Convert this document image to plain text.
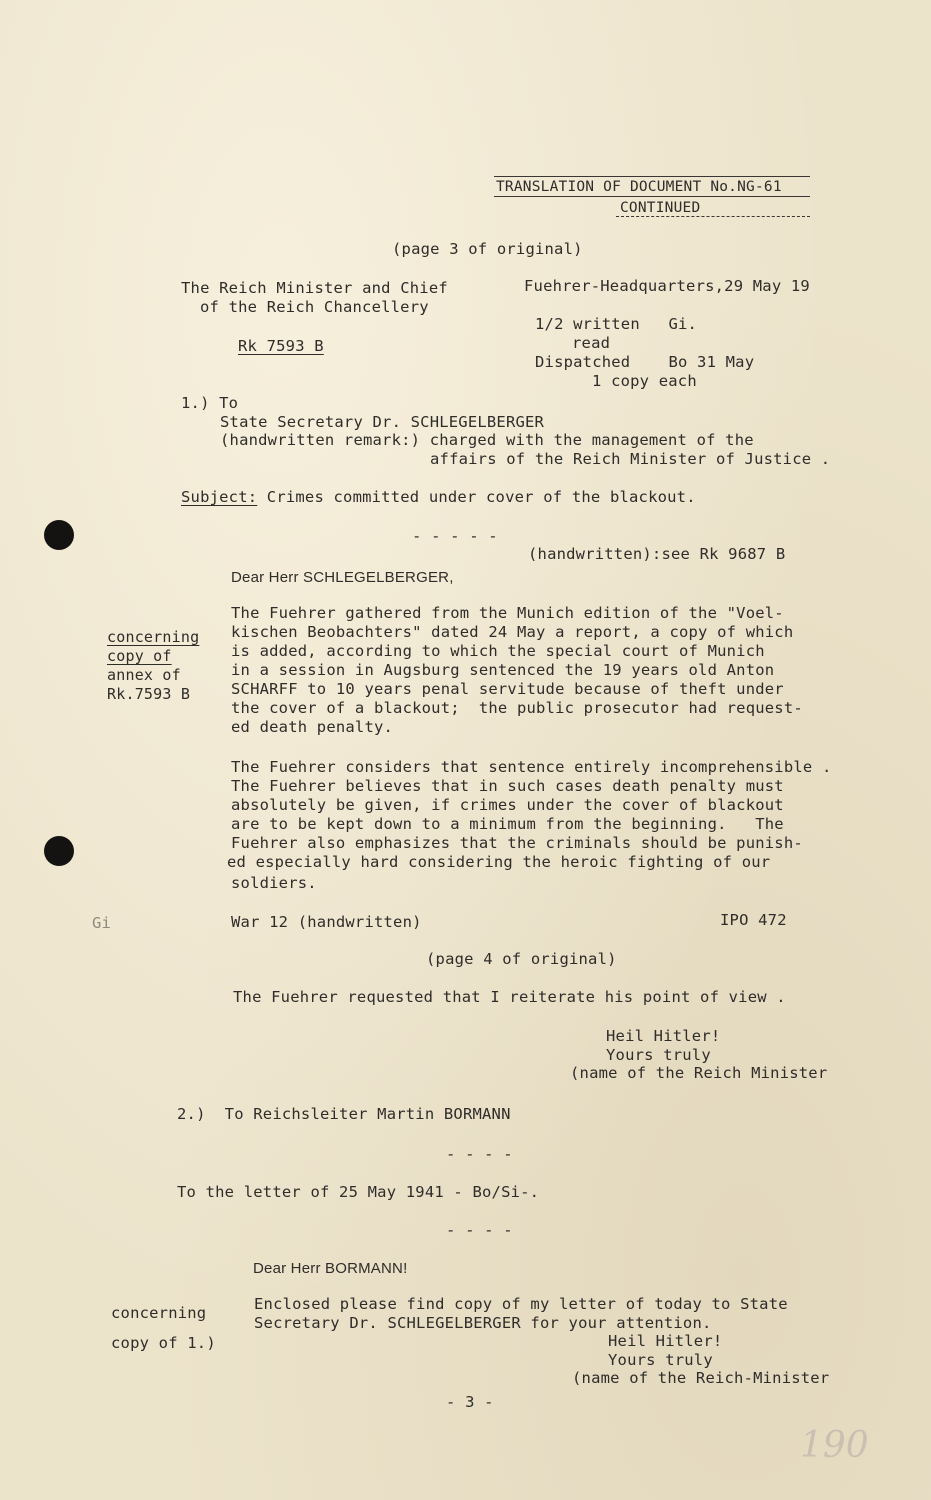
TRANSLATION OF DOCUMENT No.NG-61
CONTINUED
(page 3 of original)
The Reich Minister and Chief
of the Reich Chancellery
Rk 7593 B
Fuehrer-Headquarters,29 May 19
1/2 written   Gi.
read
Dispatched    Bo 31 May
1 copy each
1.) To
State Secretary Dr. SCHLEGELBERGER
(handwritten remark:) charged with the management of the
affairs of the Reich Minister of Justice .
Subject: Crimes committed under cover of the blackout.
- - - - -
(handwritten):see Rk 9687 B
Dear Herr SCHLEGELBERGER,
concerning
copy of
annex of
Rk.7593 B
The Fuehrer gathered from the Munich edition of the "Voel-
kischen Beobachters" dated 24 May a report, a copy of which
is added, according to which the special court of Munich
in a session in Augsburg sentenced the 19 years old Anton
SCHARFF to 10 years penal servitude because of theft under
the cover of a blackout;  the public prosecutor had request-
ed death penalty.
The Fuehrer considers that sentence entirely incomprehensible .
The Fuehrer believes that in such cases death penalty must
absolutely be given, if crimes under the cover of blackout
are to be kept down to a minimum from the beginning.   The
Fuehrer also emphasizes that the criminals should be punish-
ed especially hard considering the heroic fighting of our
soldiers.
Gi	War 12 (handwritten)	IPO 472
(page 4 of original)
The Fuehrer requested that I reiterate his point of view .
Heil Hitler!
Yours truly
(name of the Reich Minister
2.)  To Reichsleiter Martin BORMANN
- - - -
To the letter of 25 May 1941 - Bo/Si-.
- - - -
Dear Herr BORMANN!
concerning
copy of 1.)
Enclosed please find copy of my letter of today to State
Secretary Dr. SCHLEGELBERGER for your attention.
Heil Hitler!
Yours truly
(name of the Reich-Minister
- 3 -
190
